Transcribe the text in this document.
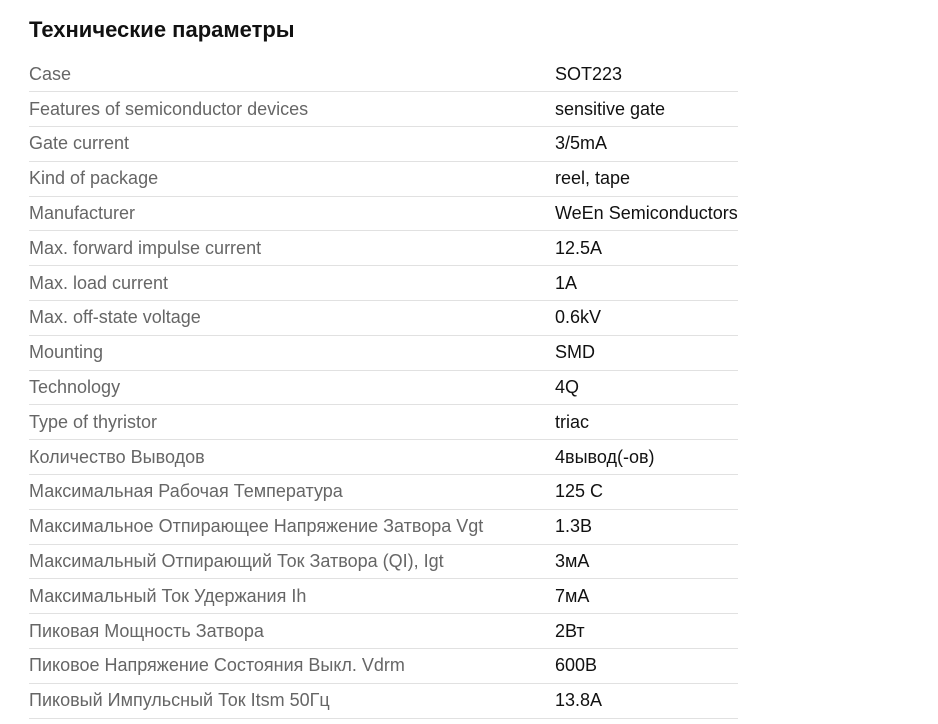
Технические параметры
Case	SOT223
Features of semiconductor devices	sensitive gate
Gate current	3/5mA
Kind of package	reel, tape
Manufacturer	WeEn Semiconductors
Max. forward impulse current	12.5A
Max. load current	1A
Max. off-state voltage	0.6kV
Mounting	SMD
Technology	4Q
Type of thyristor	triac
Количество Выводов	4вывод(-ов)
Максимальная Рабочая Температура	125 С
Максимальное Отпирающее Напряжение Затвора Vgt	1.3В
Максимальный Отпирающий Ток Затвора (QI), Igt	3мА
Максимальный Ток Удержания Ih	7мА
Пиковая Мощность Затвора	2Вт
Пиковое Напряжение Состояния Выкл. Vdrm	600В
Пиковый Импульсный Ток Itsm 50Гц	13.8А
